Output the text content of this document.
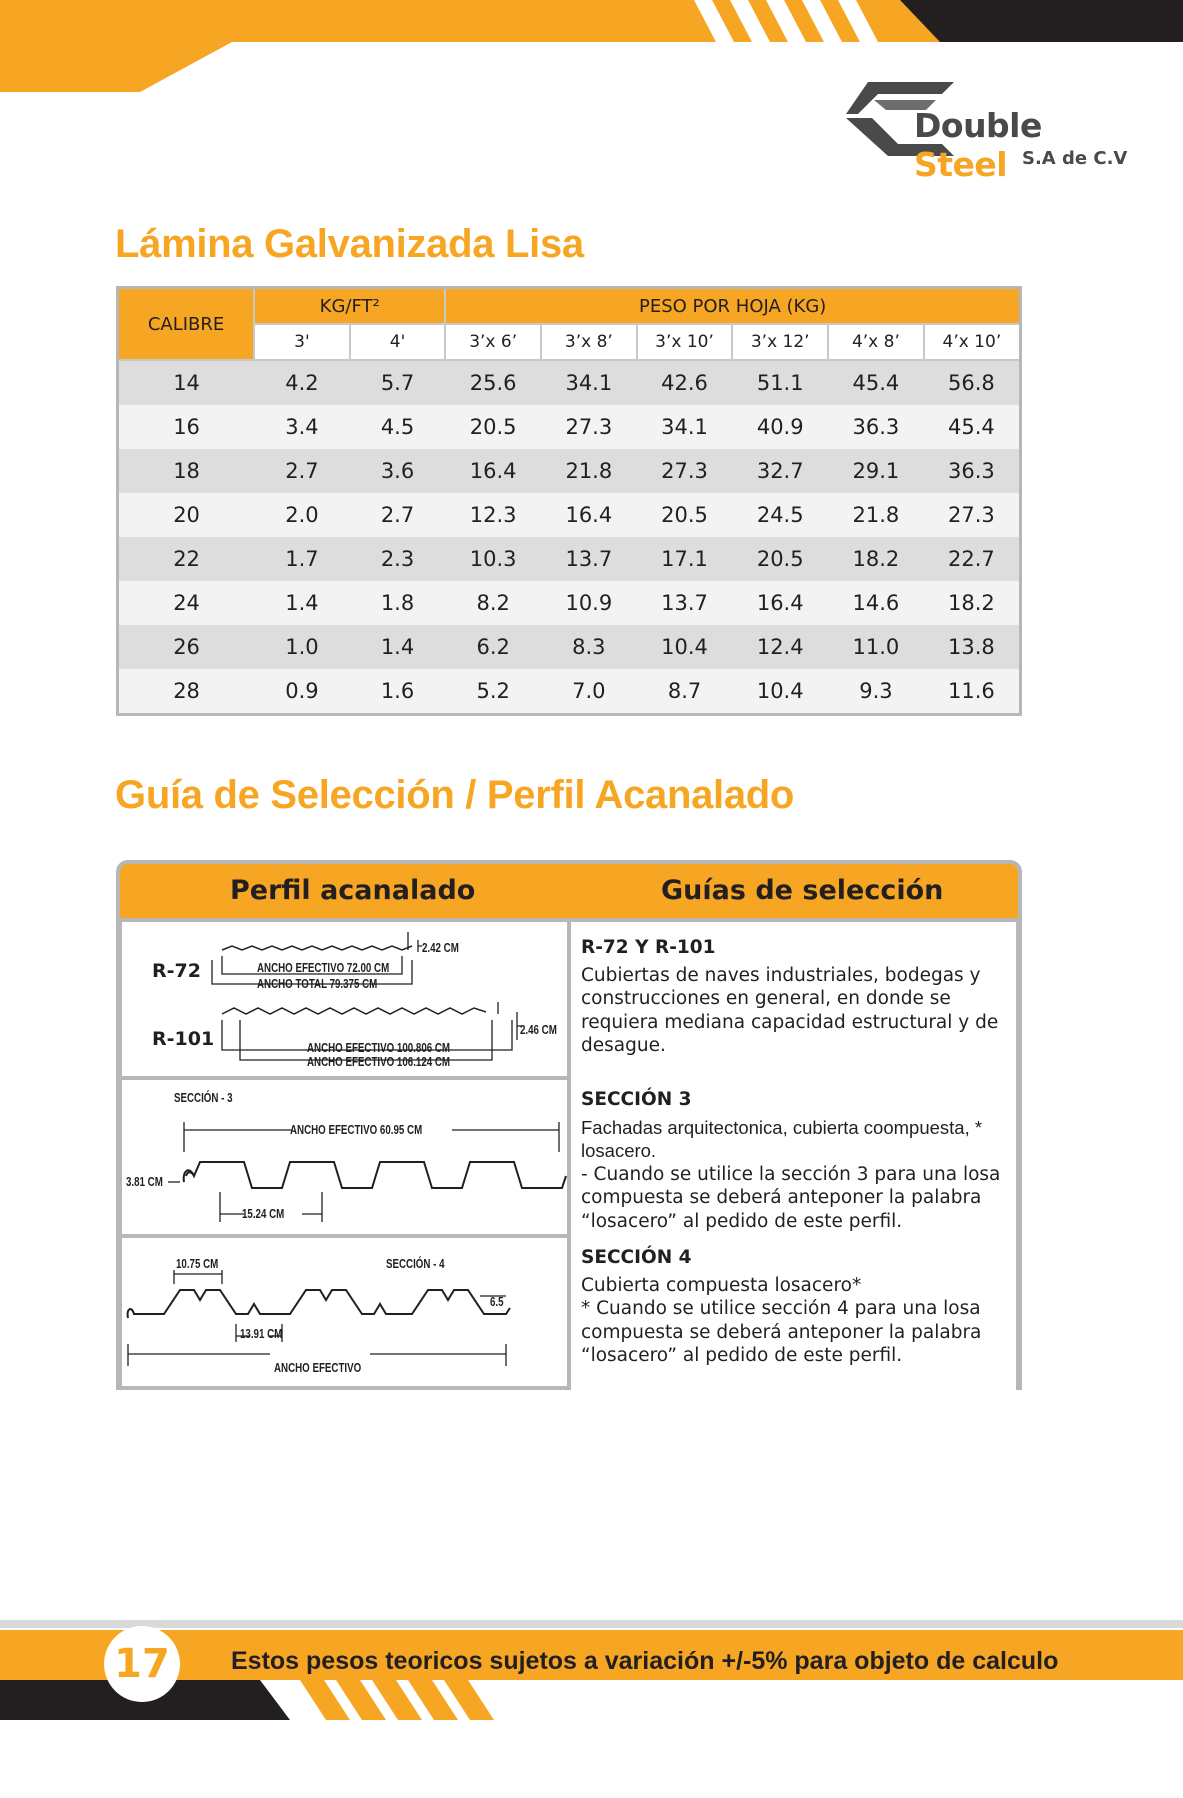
Double Steel S.A de C.V
Lámina Galvanizada Lisa
CALIBRE	KG/FT²		PESO POR HOJA (KG)					
	3'	4'	3’x 6’	3’x 8’	3’x 10’	3’x 12’	4’x 8’	4’x 10’
14	4.2	5.7	25.6	34.1	42.6	51.1	45.4	56.8
16	3.4	4.5	20.5	27.3	34.1	40.9	36.3	45.4
18	2.7	3.6	16.4	21.8	27.3	32.7	29.1	36.3
20	2.0	2.7	12.3	16.4	20.5	24.5	21.8	27.3
22	1.7	2.3	10.3	13.7	17.1	20.5	18.2	22.7
24	1.4	1.8	8.2	10.9	13.7	16.4	14.6	18.2
26	1.0	1.4	6.2	8.3	10.4	12.4	11.0	13.8
28	0.9	1.6	5.2	7.0	8.7	10.4	9.3	11.6
Guía de Selección / Perfil Acanalado
Perfil acanalado	Guías de selección
R-72
R-101
ANCHO EFECTIVO 72.00 CM
ANCHO TOTAL 79.375 CM
2.42 CM
ANCHO EFECTIVO 100.806 CM
ANCHO EFECTIVO 106.124 CM
2.46 CM
R-72 Y R-101

Cubiertas de naves industriales, bodegas y construcciones en general, en donde se requiera mediana capacidad estructural y de desague.

SECCIÓN - 3
ANCHO EFECTIVO 60.95 CM
3.81 CM
15.24 CM
SECCIÓN 3

Fachadas arquitectonica, cubierta coompuesta, * losacero.

- Cuando se utilice la sección 3 para una losa compuesta se deberá anteponer la palabra “losacero” al pedido de este perfil.

10.75 CM	SECCIÓN - 4
6.5
13.91 CM
ANCHO EFECTIVO
SECCIÓN 4

Cubierta compuesta losacero*

* Cuando se utilice sección 4 para una losa compuesta se deberá anteponer la palabra “losacero” al pedido de este perfil.

17	Estos pesos teoricos sujetos a variación +/-5% para objeto de calculo
